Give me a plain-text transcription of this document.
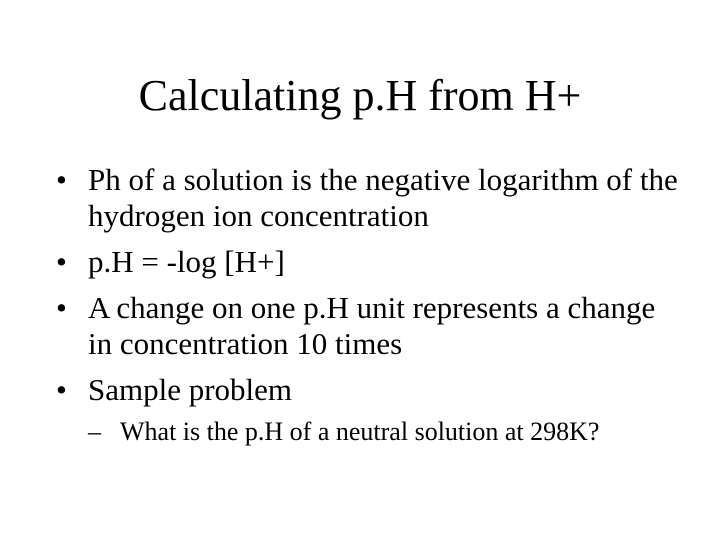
Calculating p.H from H+
• Ph of a solution is the negative logarithm of the hydrogen ion concentration
• p.H = -log [H+]
• A change on one p.H unit represents a change in concentration 10 times
• Sample problem
– What is the p.H of a neutral solution at 298K?
